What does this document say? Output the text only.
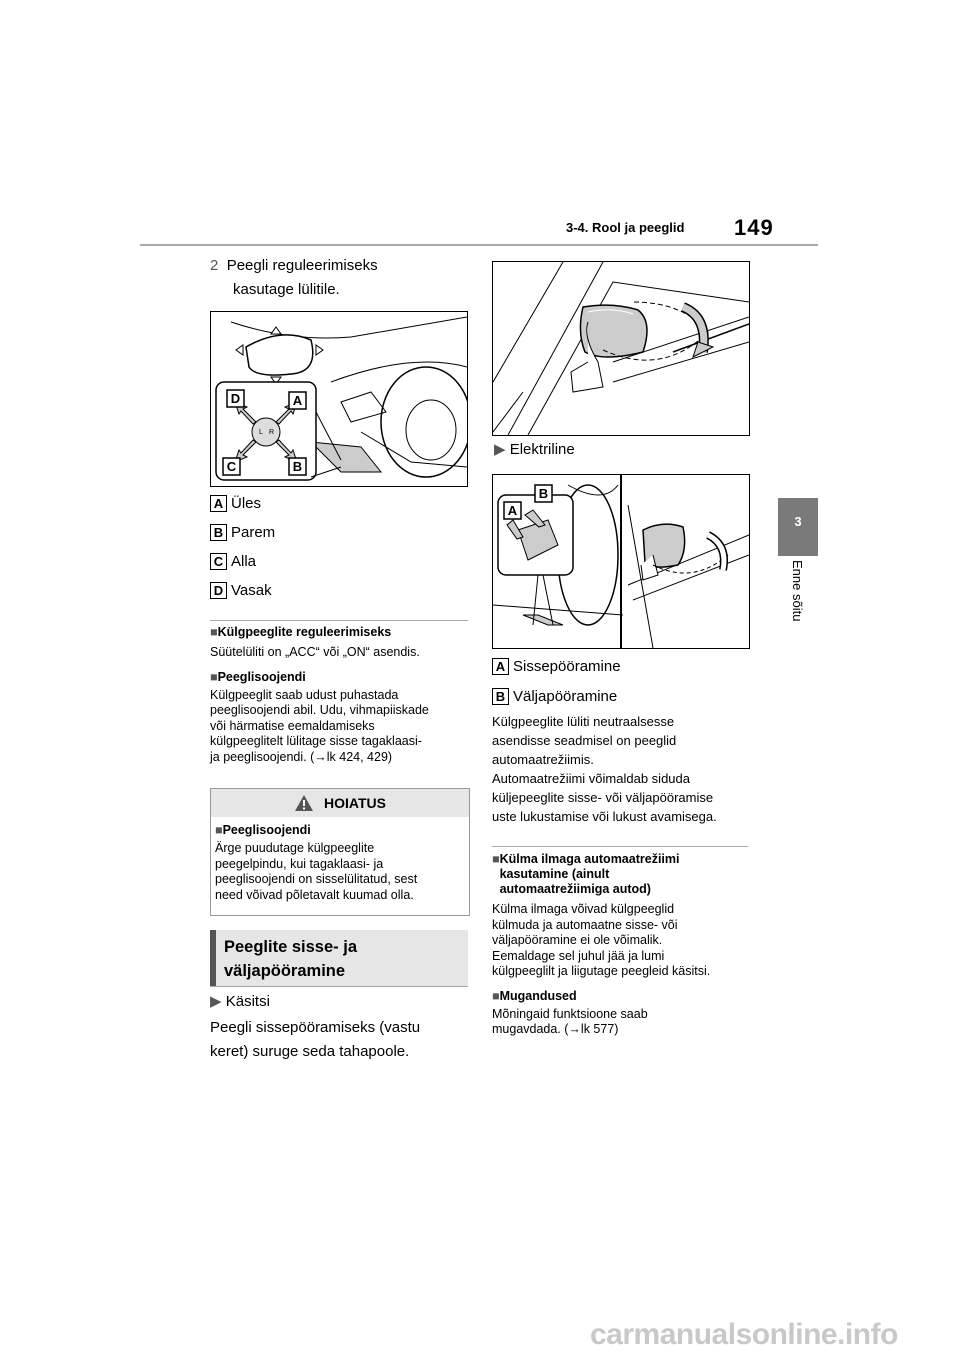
3-4. Rool ja peeglid 149
3
Enne sõitu
2 Peegli reguleerimiseks
kasutage lülitile.
L R
D	A
C	B
A Üles
B Parem
C Alla
D Vasak
■Külgpeeglite reguleerimiseks
Süütelüliti on „ACC“ või „ON“ asendis.
■Peeglisoojendi
Külgpeeglit saab udust puhastada
peeglisoojendi abil. Udu, vihmapiiskade
või härmatise eemaldamiseks
külgpeeglitelt lülitage sisse tagaklaasi-
ja peeglisoojendi. (→lk 424, 429)
HOIATUS
■Peeglisoojendi
Ärge puudutage külgpeeglite
peegelpindu, kui tagaklaasi- ja
peeglisoojendi on sisselülitatud, sest
need võivad põletavalt kuumad olla.
Peeglite sisse- ja
väljapööramine
▶ Käsitsi
Peegli sissepööramiseks (vastu
keret) suruge seda tahapoole.
▶ Elektriline
A
B
A Sissepööramine
B Väljapööramine
Külgpeeglite lüliti neutraalsesse
asendisse seadmisel on peeglid
automaatrežiimis.
Automaatrežiimi võimaldab siduda
küljepeeglite sisse- või väljapööramise
uste lukustamise või lukust avamisega.
■ Külma ilmaga automaatrežiimi
kasutamine (ainult
automaatrežiimiga autod)
Külma ilmaga võivad külgpeeglid
külmuda ja automaatne sisse- või
väljapööramine ei ole võimalik.
Eemaldage sel juhul jää ja lumi
külgpeeglilt ja liigutage peegleid käsitsi.
■Mugandused
Mõningaid funktsioone saab
mugavdada. (→lk 577)
carmanualsonline.info
